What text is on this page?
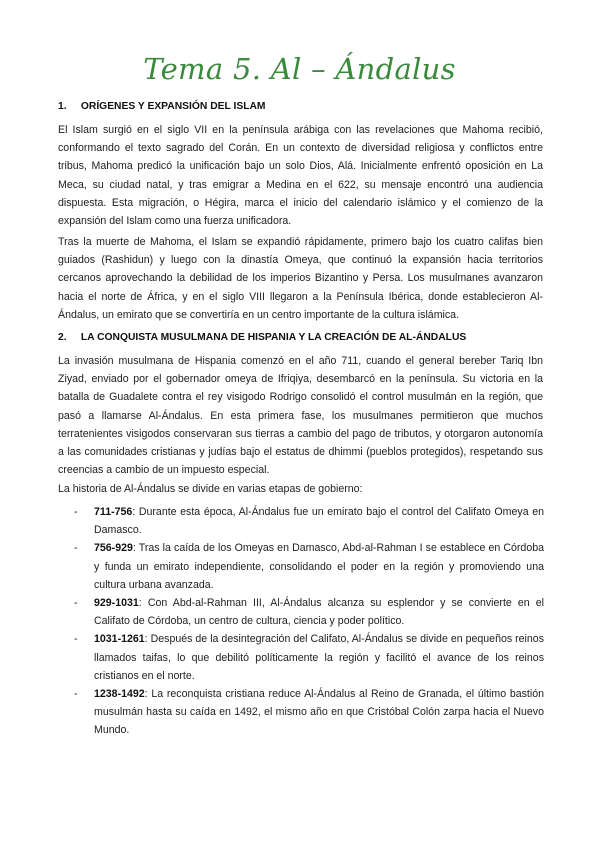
Tema 5. Al – Ándalus
1. ORÍGENES Y EXPANSIÓN DEL ISLAM

El Islam surgió en el siglo VII en la península arábiga con las revelaciones que Mahoma recibió, conformando el texto sagrado del Corán. En un contexto de diversidad religiosa y conflictos entre tribus, Mahoma predicó la unificación bajo un solo Dios, Alá. Inicialmente enfrentó oposición en La Meca, su ciudad natal, y tras emigrar a Medina en el 622, su mensaje encontró una audiencia dispuesta. Esta migración, o Hégira, marca el inicio del calendario islámico y el comienzo de la expansión del Islam como una fuerza unificadora.

Tras la muerte de Mahoma, el Islam se expandió rápidamente, primero bajo los cuatro califas bien guiados (Rashidun) y luego con la dinastía Omeya, que continuó la expansión hacia territorios cercanos aprovechando la debilidad de los imperios Bizantino y Persa. Los musulmanes avanzaron hacia el norte de África, y en el siglo VIII llegaron a la Península Ibérica, donde establecieron Al-Ándalus, un emirato que se convertiría en un centro importante de la cultura islámica.

2. LA CONQUISTA MUSULMANA DE HISPANIA Y LA CREACIÓN DE AL-ÁNDALUS

La invasión musulmana de Hispania comenzó en el año 711, cuando el general bereber Tariq Ibn Ziyad, enviado por el gobernador omeya de Ifriqiya, desembarcó en la península. Su victoria en la batalla de Guadalete contra el rey visigodo Rodrigo consolidó el control musulmán en la región, que pasó a llamarse Al-Ándalus. En esta primera fase, los musulmanes permitieron que muchos terratenientes visigodos conservaran sus tierras a cambio del pago de tributos, y otorgaron autonomía a las comunidades cristianas y judías bajo el estatus de dhimmi (pueblos protegidos), respetando sus creencias a cambio de un impuesto especial.

La historia de Al-Ándalus se divide en varias etapas de gobierno:
- 711-756: Durante esta época, Al-Ándalus fue un emirato bajo el control del Califato Omeya en Damasco.
- 756-929: Tras la caída de los Omeyas en Damasco, Abd-al-Rahman I se establece en Córdoba y funda un emirato independiente, consolidando el poder en la región y promoviendo una cultura urbana avanzada.
- 929-1031: Con Abd-al-Rahman III, Al-Ándalus alcanza su esplendor y se convierte en el Califato de Córdoba, un centro de cultura, ciencia y poder político.
- 1031-1261: Después de la desintegración del Califato, Al-Ándalus se divide en pequeños reinos llamados taifas, lo que debilitó políticamente la región y facilitó el avance de los reinos cristianos en el norte.
- 1238-1492: La reconquista cristiana reduce Al-Ándalus al Reino de Granada, el último bastión musulmán hasta su caída en 1492, el mismo año en que Cristóbal Colón zarpa hacia el Nuevo Mundo.
